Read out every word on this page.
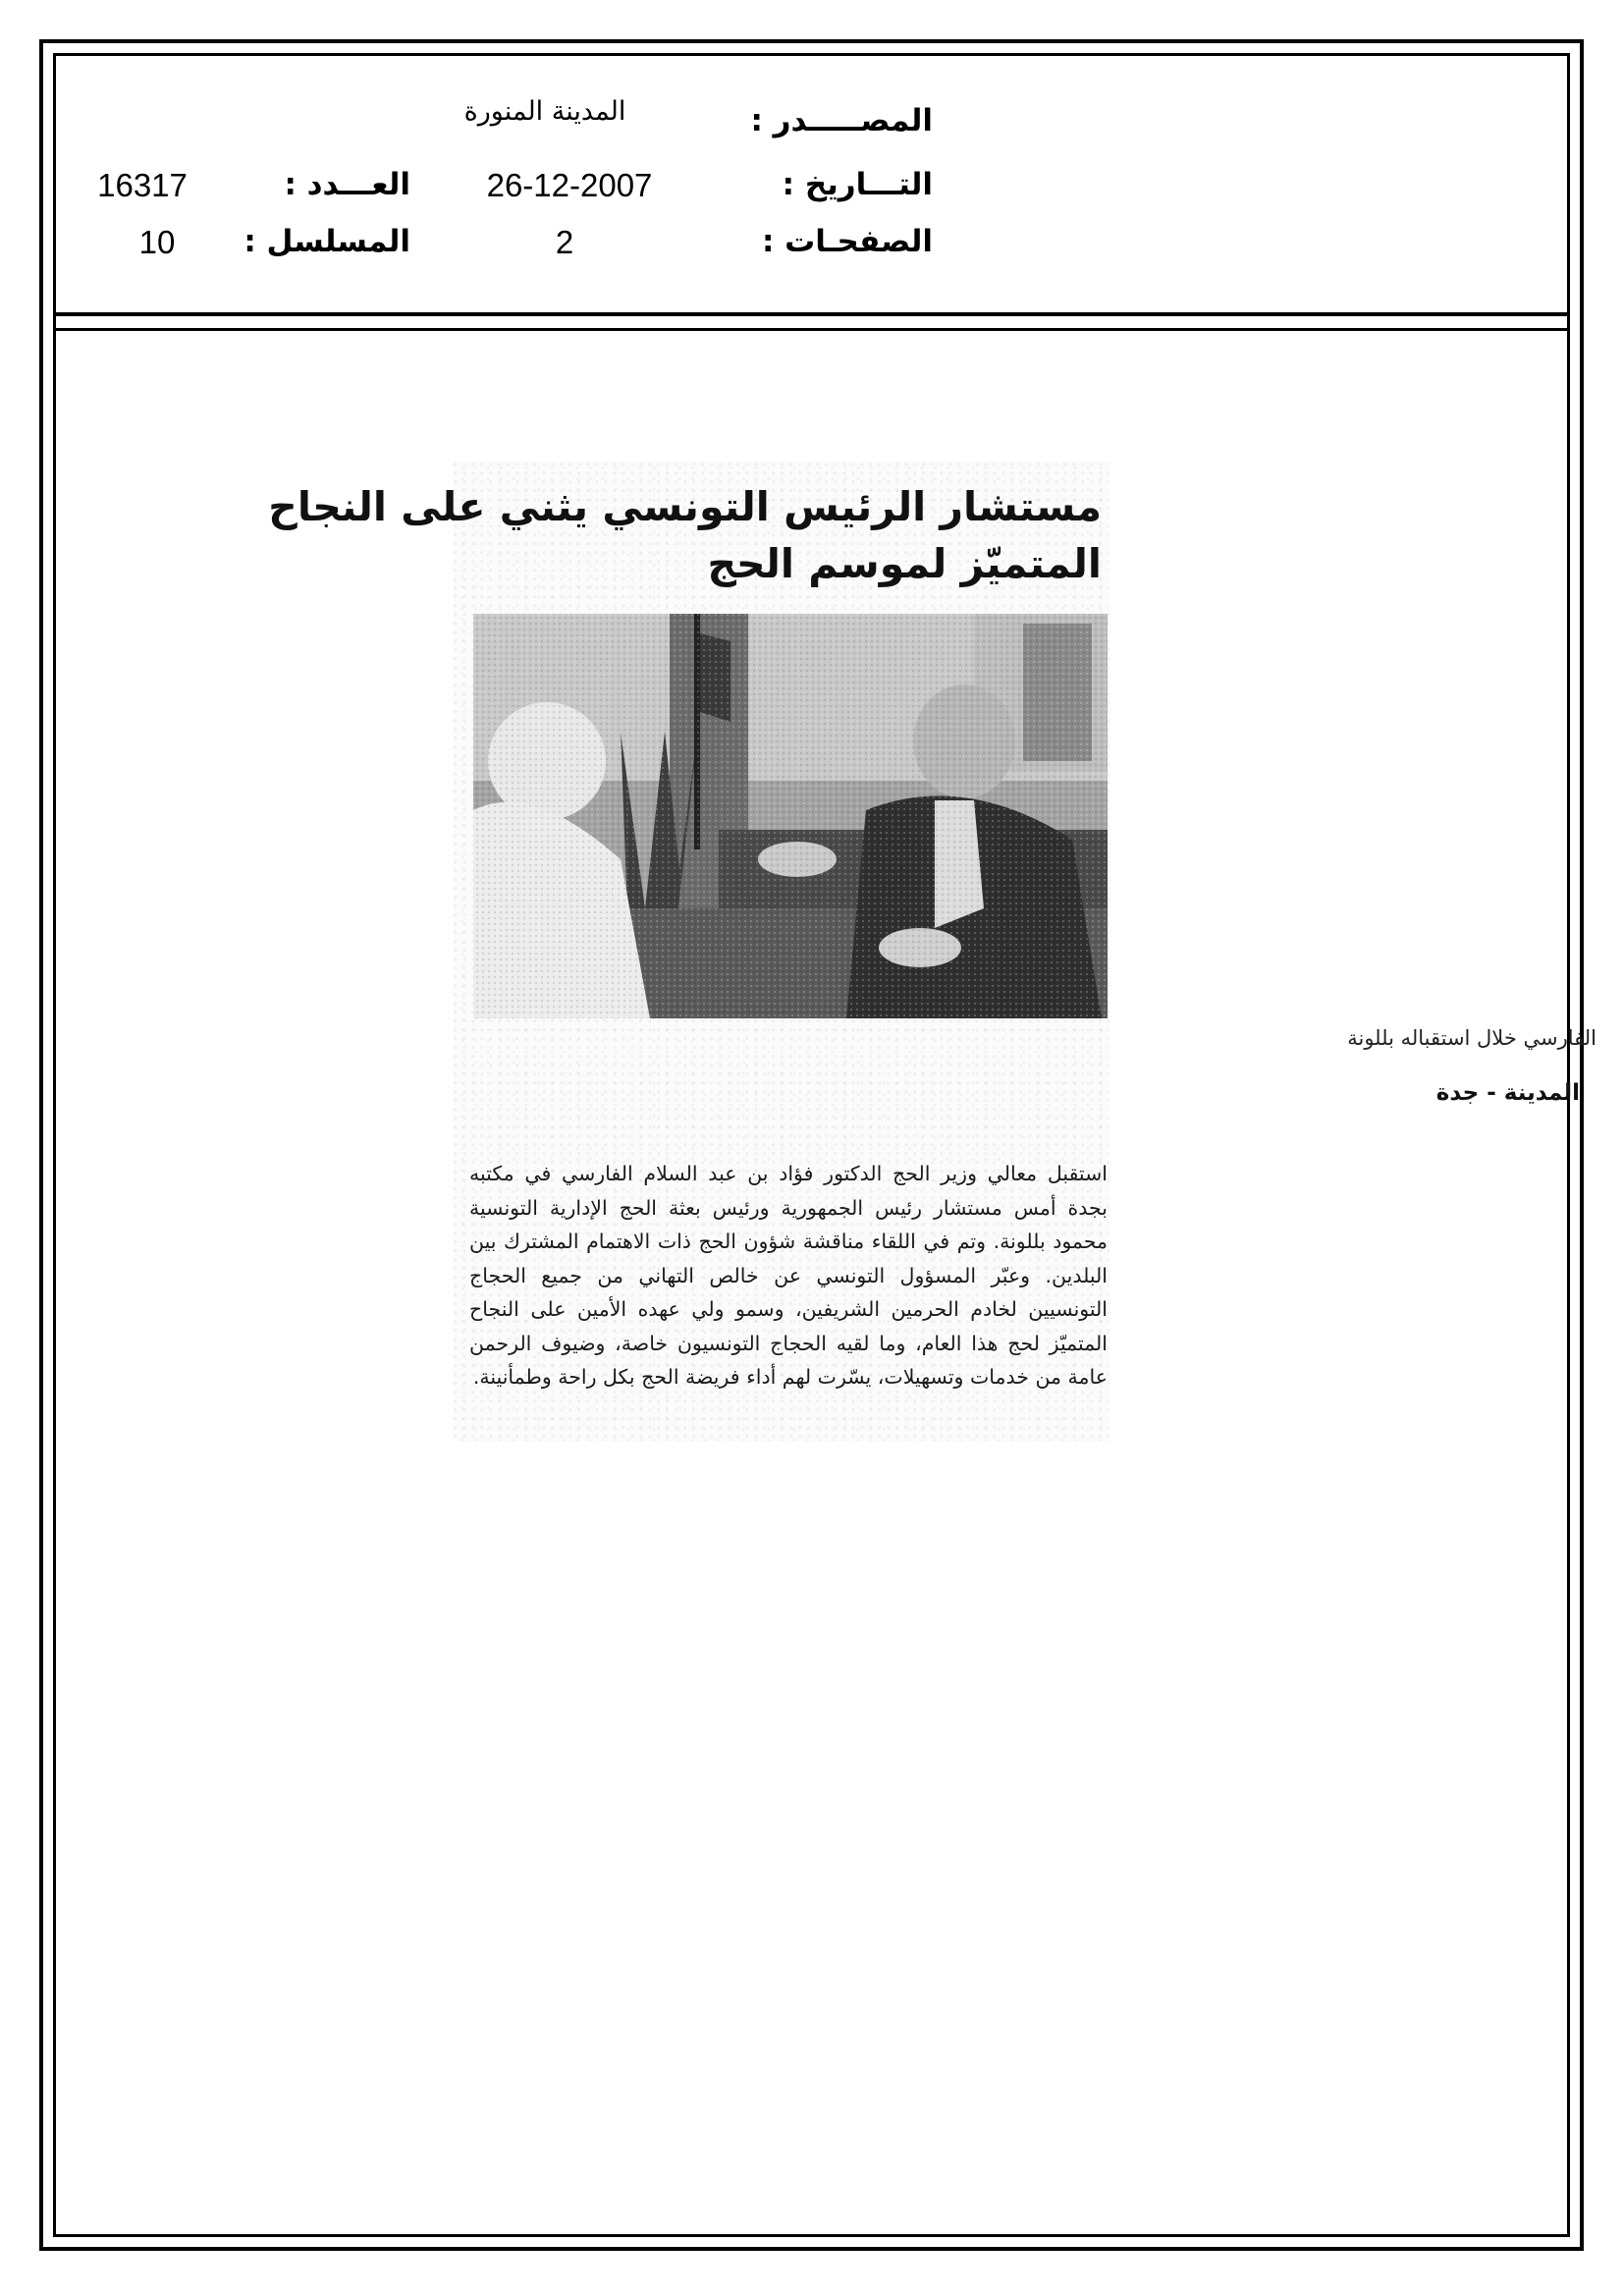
المصـــــدر :
المدينة المنورة
التـــاريخ :
26-12-2007
الصفحـات :
2
العـــدد :
16317
المسلسل :
10
مستشار الرئيس التونسي يثني على النجاح
المتميّز لموسم الحج
الفارسي خلال استقباله بللونة
المدينة - جدة
استقبل معالي وزير الحج الدكتور فؤاد بن عبد السلام الفارسي في مكتبه بجدة أمس مستشار رئيس الجمهورية ورئيس بعثة الحج الإدارية التونسية محمود بللونة. وتم في اللقاء مناقشة شؤون الحج ذات الاهتمام المشترك بين البلدين. وعبّر المسؤول التونسي عن خالص التهاني من جميع الحجاج التونسيين لخادم الحرمين الشريفين، وسمو ولي عهده الأمين على النجاح المتميّز لحج هذا العام، وما لقيه الحجاج التونسيون خاصة، وضيوف الرحمن عامة من خدمات وتسهيلات، يسّرت لهم أداء فريضة الحج بكل راحة وطمأنينة.
